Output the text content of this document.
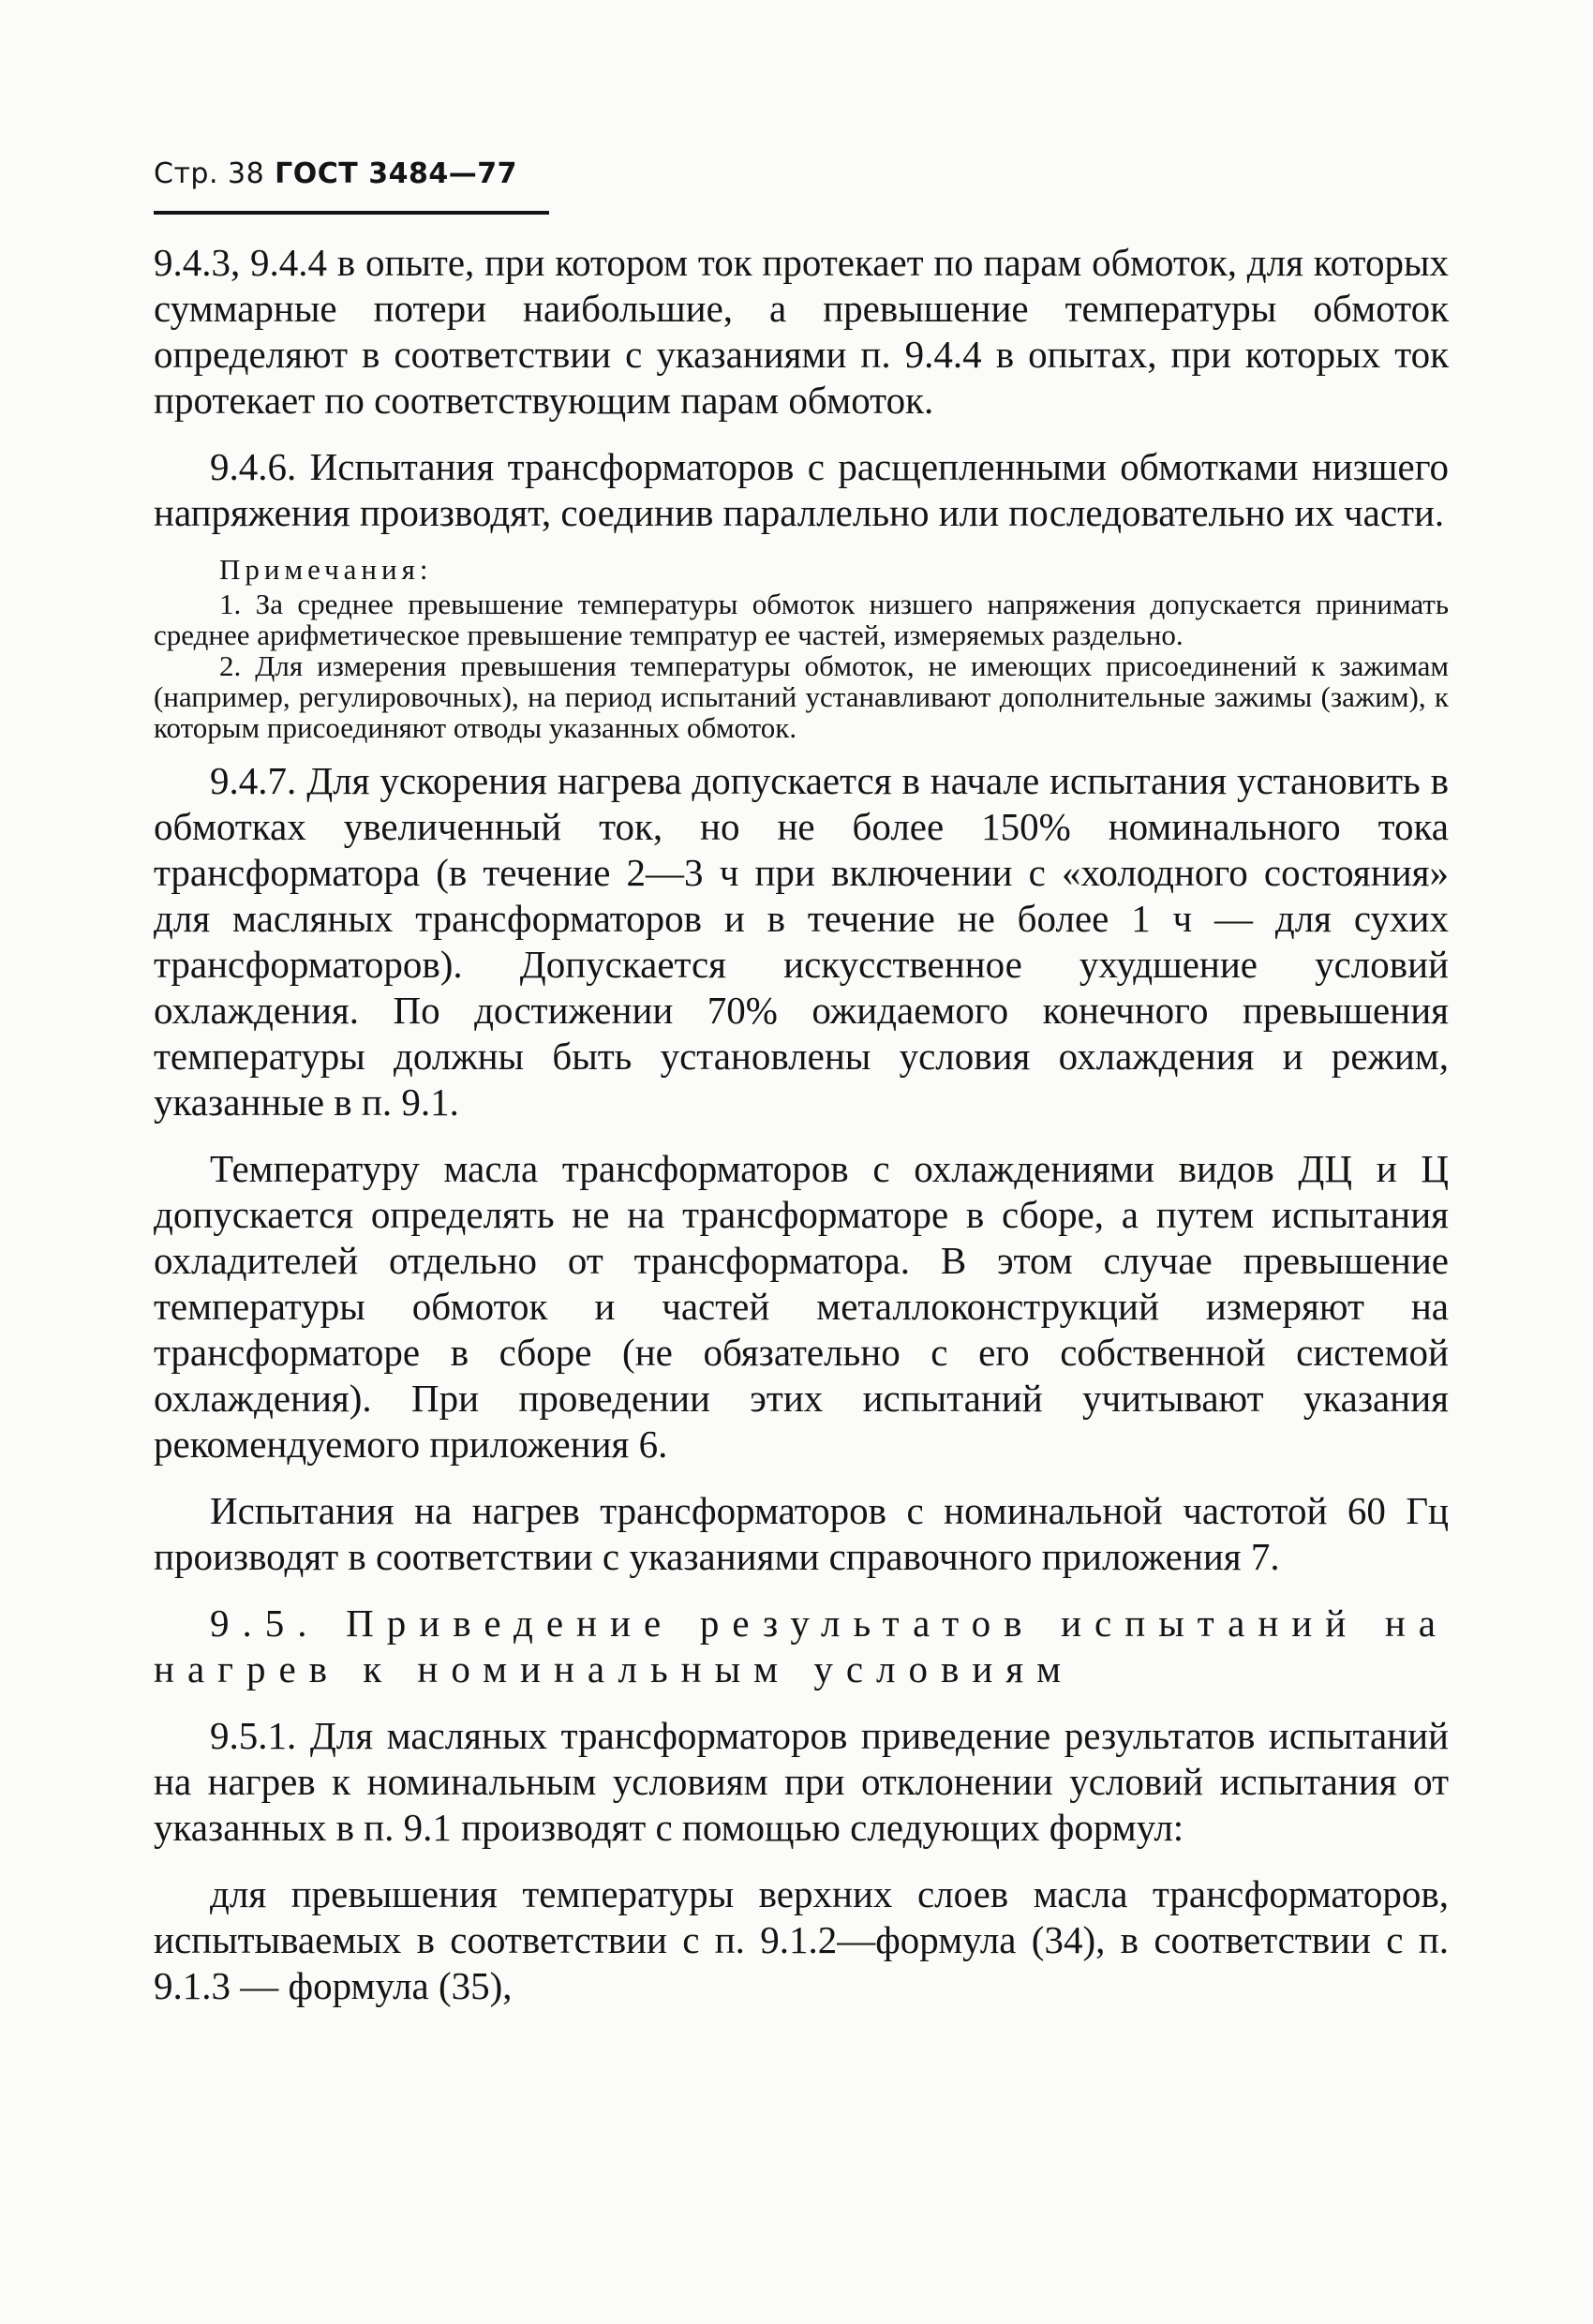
Стр. 38 ГОСТ 3484—77

9.4.3, 9.4.4 в опыте, при котором ток протекает по парам обмоток, для которых суммарные потери наибольшие, а превышение температуры обмоток определяют в соответствии с указаниями п. 9.4.4 в опытах, при которых ток протекает по соответствующим парам обмоток.

9.4.6. Испытания трансформаторов с расщепленными обмотками низшего напряжения производят, соединив параллельно или последовательно их части.

Примечания:

1. За среднее превышение температуры обмоток низшего напряжения допускается принимать среднее арифметическое превышение темпратур ее частей, измеряемых раздельно.

2. Для измерения превышения температуры обмоток, не имеющих присоединений к зажимам (например, регулировочных), на период испытаний устанавливают дополнительные зажимы (зажим), к которым присоединяют отводы указанных обмоток.

9.4.7. Для ускорения нагрева допускается в начале испытания установить в обмотках увеличенный ток, но не более 150% номинального тока трансформатора (в течение 2—3 ч при включении с «холодного состояния» для масляных трансформаторов и в течение не более 1 ч — для сухих трансформаторов). Допускается искусственное ухудшение условий охлаждения. По достижении 70% ожидаемого конечного превышения температуры должны быть установлены условия охлаждения и режим, указанные в п. 9.1.

Температуру масла трансформаторов с охлаждениями видов ДЦ и Ц допускается определять не на трансформаторе в сборе, а путем испытания охладителей отдельно от трансформатора. В этом случае превышение температуры обмоток и частей металлоконструкций измеряют на трансформаторе в сборе (не обязательно с его собственной системой охлаждения). При проведении этих испытаний учитывают указания рекомендуемого приложения 6.

Испытания на нагрев трансформаторов с номинальной частотой 60 Гц производят в соответствии с указаниями справочного приложения 7.

9.5. Приведение результатов испытаний на

нагрев к номинальным условиям

9.5.1. Для масляных трансформаторов приведение результатов испытаний на нагрев к номинальным условиям при отклонении условий испытания от указанных в п. 9.1 производят с помощью следующих формул:

для превышения температуры верхних слоев масла трансформаторов, испытываемых в соответствии с п. 9.1.2—формула (34), в соответствии с п. 9.1.3 — формула (35),
